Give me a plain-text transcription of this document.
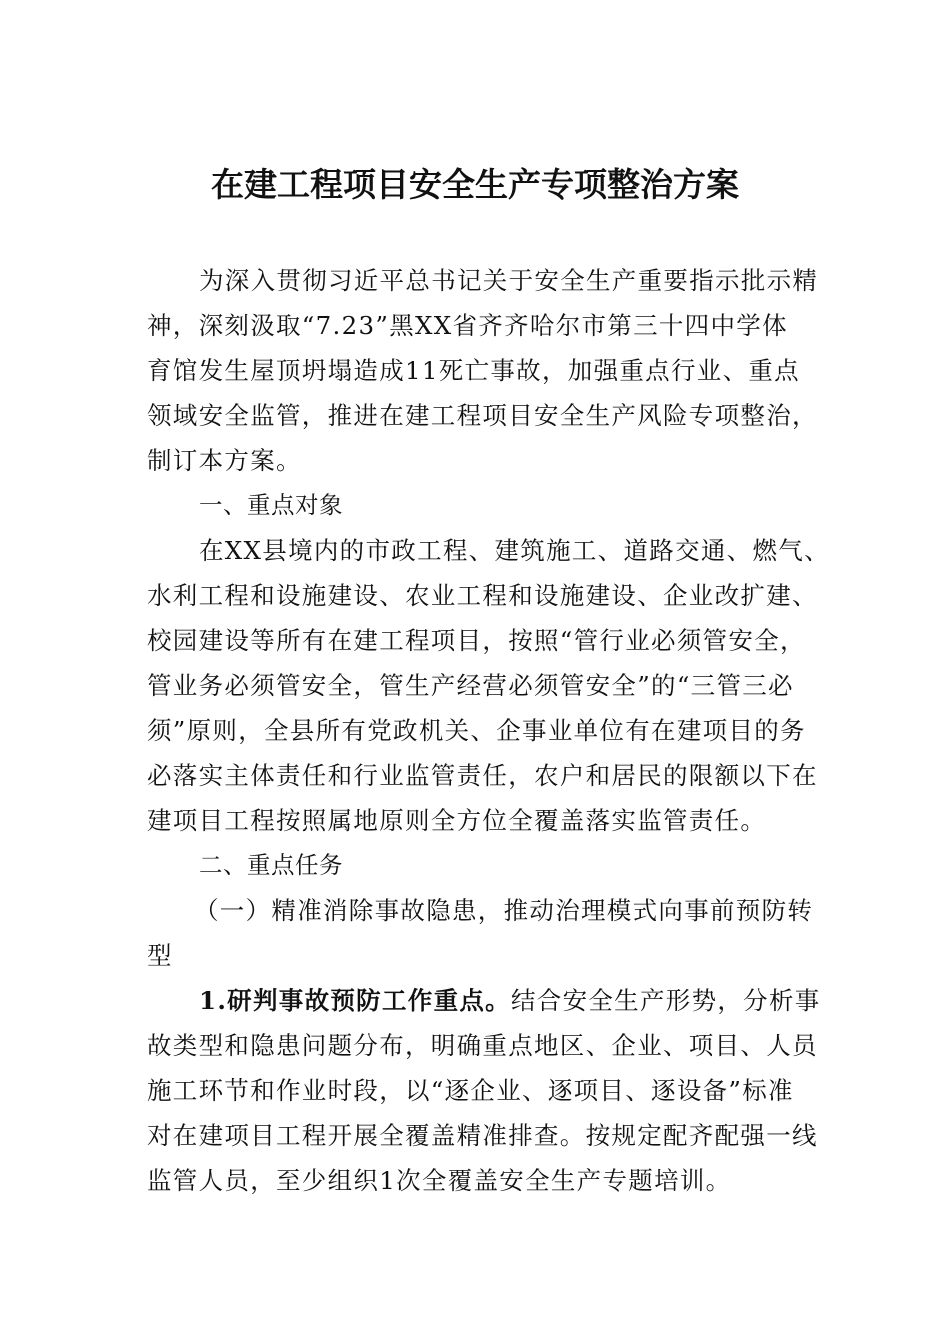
在建工程项目安全生产专项整治方案
为深入贯彻习近平总书记关于安全生产重要指示批示精
神，深刻汲取“7.23”黑XX省齐齐哈尔市第三十四中学体
育馆发生屋顶坍塌造成11死亡事故，加强重点行业、重点
领域安全监管，推进在建工程项目安全生产风险专项整治，
制订本方案。
一、重点对象
在XX县境内的市政工程、建筑施工、道路交通、燃气、
水利工程和设施建设、农业工程和设施建设、企业改扩建、
校园建设等所有在建工程项目，按照“管行业必须管安全，
管业务必须管安全，管生产经营必须管安全”的“三管三必
须”原则，全县所有党政机关、企事业单位有在建项目的务
必落实主体责任和行业监管责任，农户和居民的限额以下在
建项目工程按照属地原则全方位全覆盖落实监管责任。
二、重点任务
（一）精准消除事故隐患，推动治理模式向事前预防转
型
1.研判事故预防工作重点。结合安全生产形势，分析事
故类型和隐患问题分布，明确重点地区、企业、项目、人员
施工环节和作业时段，以“逐企业、逐项目、逐设备”标准
对在建项目工程开展全覆盖精准排查。按规定配齐配强一线
监管人员，至少组织1次全覆盖安全生产专题培训。
